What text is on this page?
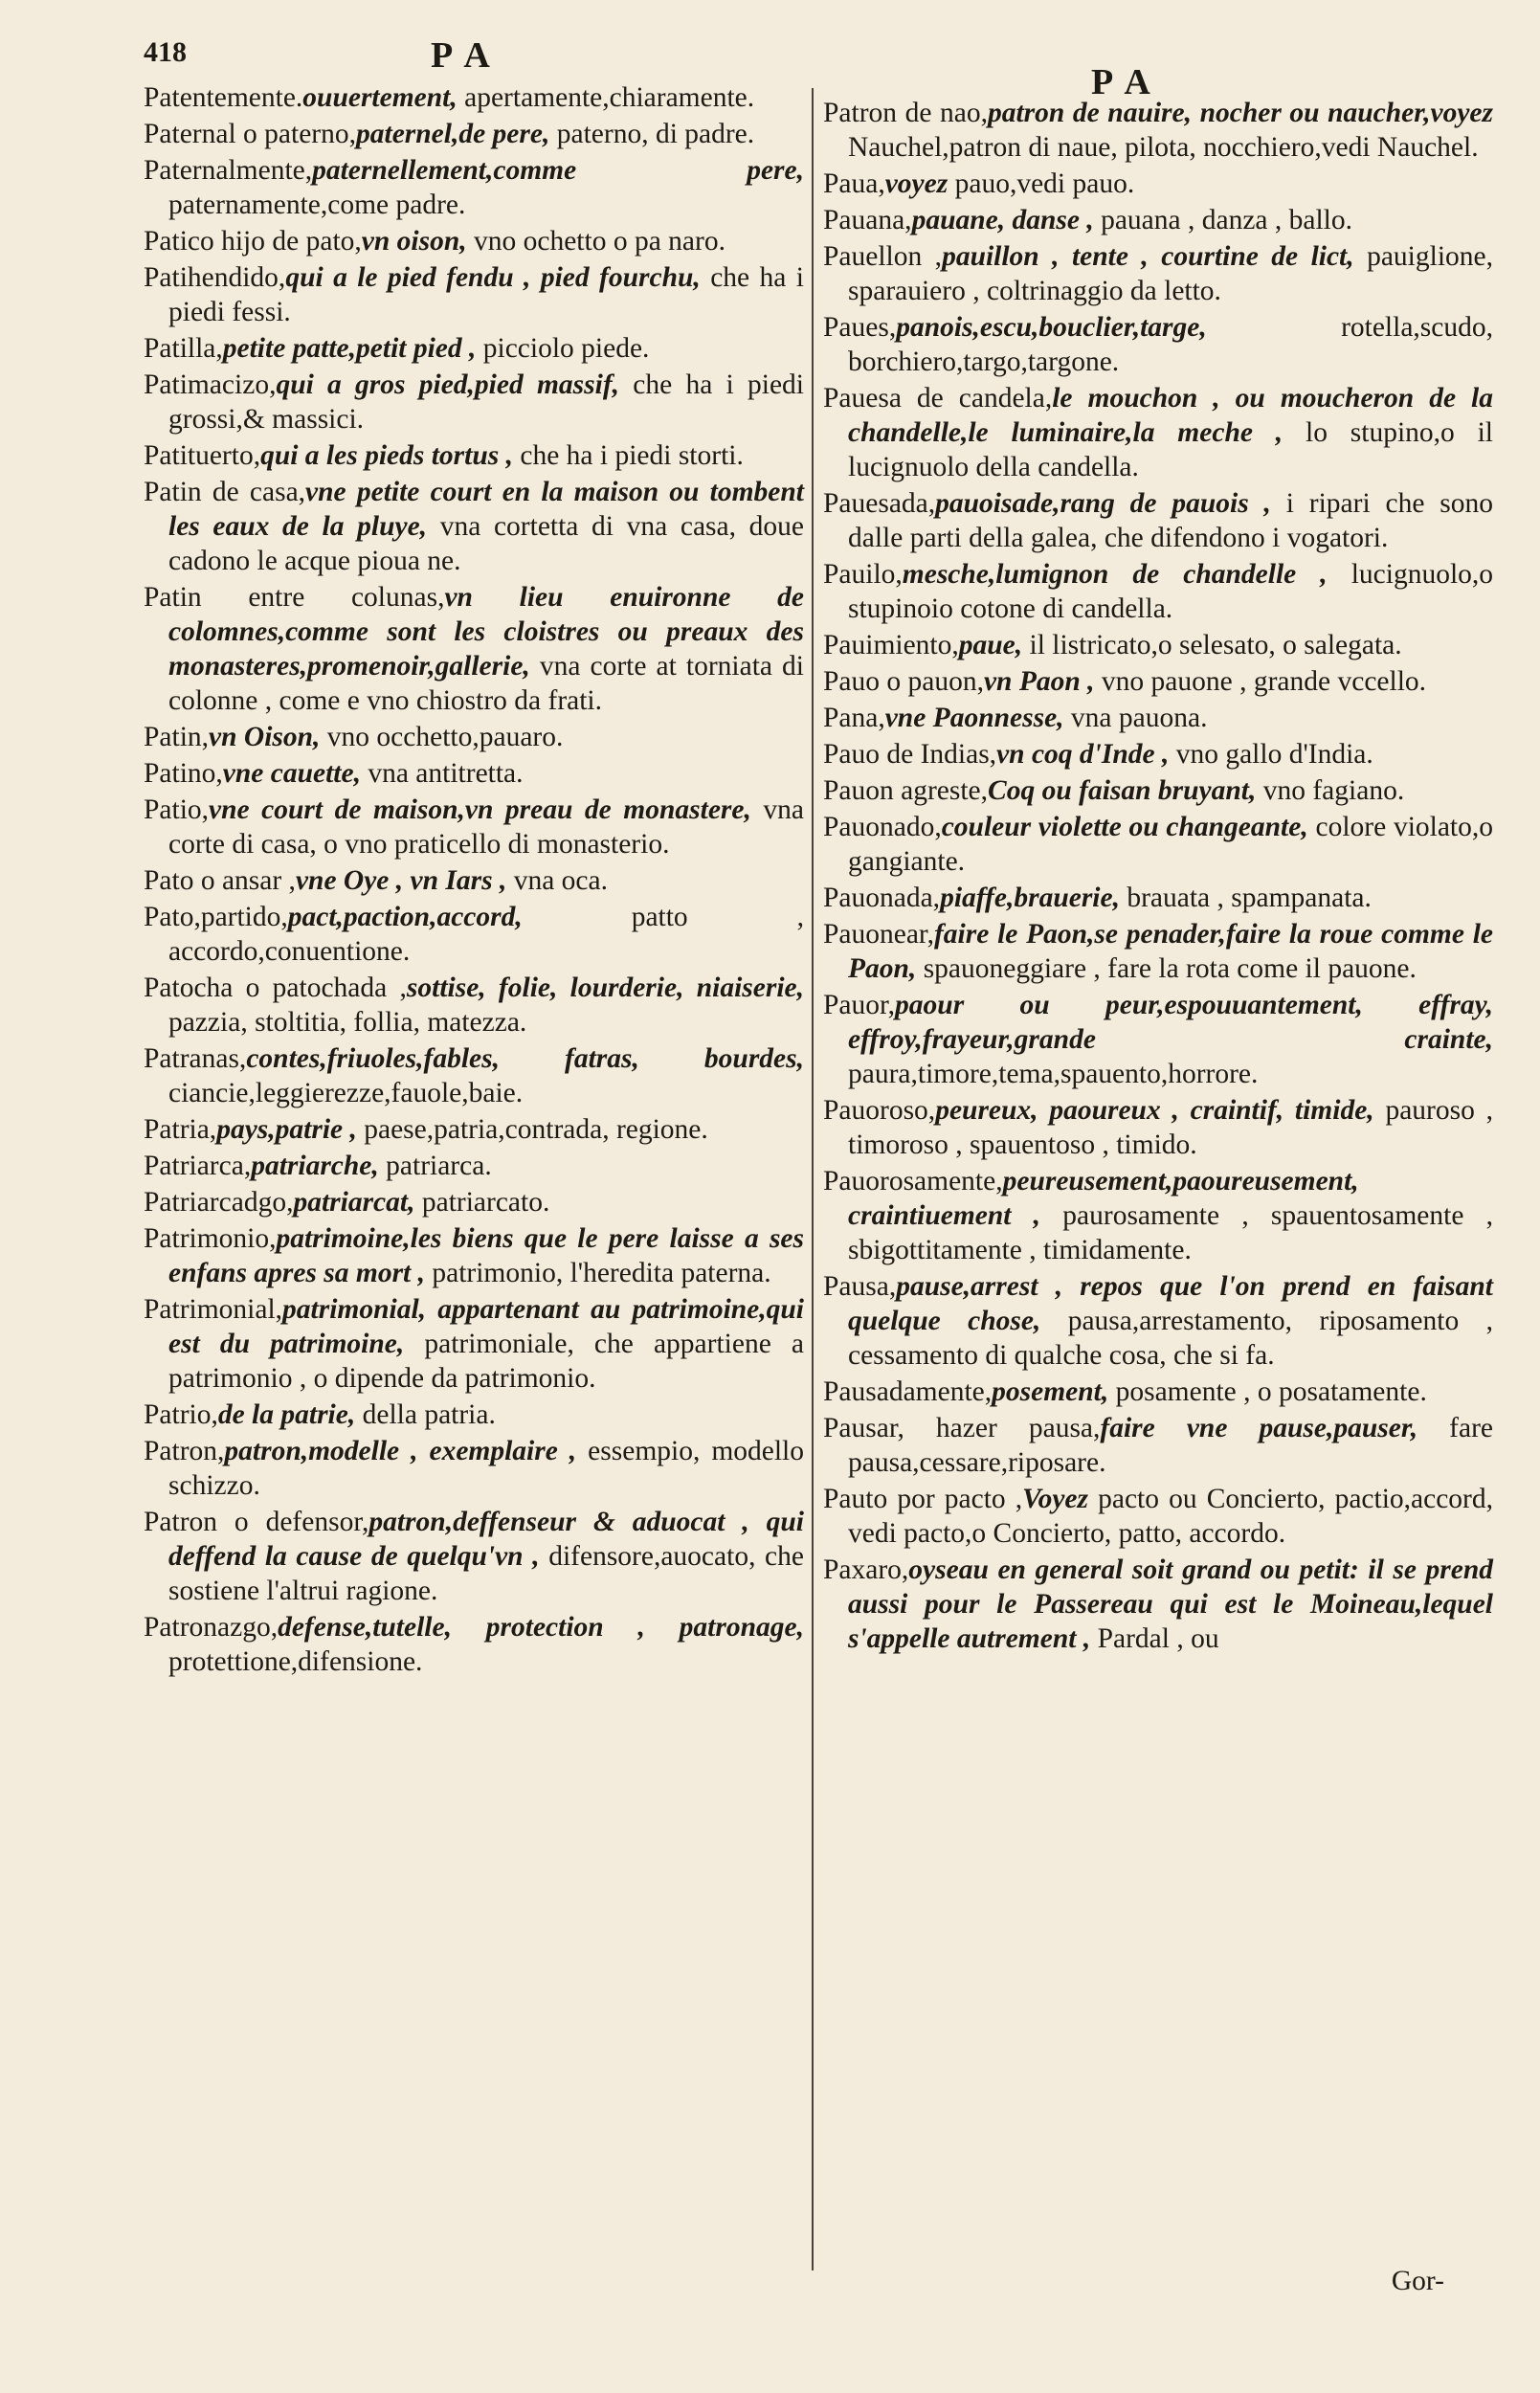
418	PA
PA

Patentemente.ouuertement, apertamente,chiaramente.

Paternal o paterno,paternel,de pere, paterno, di padre.

Paternalmente,paternellement,comme pere, paternamente,come padre.

Patico hijo de pato,vn oison, vno ochetto o pa naro.

Patihendido,qui a le pied fendu , pied fourchu, che ha i piedi fessi.

Patilla,petite patte,petit pied , picciolo piede.

Patimacizo,qui a gros pied,pied massif, che ha i piedi grossi,& massici.

Patituerto,qui a les pieds tortus , che ha i piedi storti.

Patin de casa,vne petite court en la maison ou tombent les eaux de la pluye, vna cortetta di vna casa, doue cadono le acque pioua ne.

Patin entre colunas,vn lieu enuironne de colomnes,comme sont les cloistres ou preaux des monasteres,promenoir,gallerie, vna corte at torniata di colonne , come e vno chiostro da frati.

Patin,vn Oison, vno occhetto,pauaro.

Patino,vne cauette, vna antitretta.

Patio,vne court de maison,vn preau de monastere, vna corte di casa, o vno praticello di monasterio.

Pato o ansar ,vne Oye , vn Iars , vna oca.

Pato,partido,pact,paction,accord,	patto , accordo,conuentione.

Patocha o patochada ,sottise, folie, lourderie, niaiserie, pazzia, stoltitia, follia, matezza.

Patranas,contes,friuoles,fables, fatras, bourdes, ciancie,leggierezze,fauole,baie.

Patria,pays,patrie , paese,patria,contrada, regione.

Patriarca,patriarche, patriarca.

Patriarcadgo,patriarcat, patriarcato.

Patrimonio,patrimoine,les biens que le pere laisse a ses enfans apres sa mort , patrimonio, l'heredita paterna.

Patrimonial,patrimonial, appartenant au patrimoine,qui est du patrimoine, patrimoniale, che appartiene a patrimonio , o dipende da patrimonio.

Patrio,de la patrie, della patria.

Patron,patron,modelle , exemplaire , essempio, modello schizzo.

Patron o defensor,patron,deffenseur & aduocat , qui deffend la cause de quelqu'vn , difensore,auocato, che sostiene l'altrui ragione.

Patronazgo,defense,tutelle, protection , patronage, protettione,difensione.

Patron de nao,patron de nauire, nocher ou naucher,voyez Nauchel,patron di naue, pilota, nocchiero,vedi Nauchel.

Paua,voyez pauo,vedi pauo.

Pauana,pauane, danse , pauana , danza , ballo.

Pauellon ,pauillon , tente , courtine de lict, pauiglione, sparauiero , coltrinaggio da letto.

Paues,panois,escu,bouclier,targe,	rotella,scudo, borchiero,targo,targone.

Pauesa de candela,le mouchon , ou moucheron de la chandelle,le luminaire,la meche , lo stupino,o il lucignuolo della candella.

Pauesada,pauoisade,rang de pauois , i ripari che sono dalle parti della galea, che difendono i vogatori.

Pauilo,mesche,lumignon de chandelle , lucignuolo,o stupinoio cotone di candella.

Pauimiento,paue, il listricato,o selesato, o salegata.

Pauo o pauon,vn Paon , vno pauone , grande vccello.

Pana,vne Paonnesse, vna pauona.

Pauo de Indias,vn coq d'Inde , vno gallo d'India.

Pauon agreste,Coq ou faisan bruyant, vno fagiano.

Pauonado,couleur violette ou changeante, colore violato,o gangiante.

Pauonada,piaffe,brauerie, brauata , spampanata.

Pauonear,faire le Paon,se penader,faire la roue comme le Paon, spauoneggiare , fare la rota come il pauone.

Pauor,paour ou peur,espouuantement, effray, effroy,frayeur,grande crainte, paura,timore,tema,spauento,horrore.

Pauoroso,peureux, paoureux , craintif, timide, pauroso , timoroso , spauentoso , timido.

Pauorosamente,peureusement,paoureusement, craintiuement , paurosamente , spauentosamente , sbigottitamente , timidamente.

Pausa,pause,arrest , repos que l'on prend en faisant quelque chose, pausa,arrestamento, riposamento , cessamento di qualche cosa, che si fa.

Pausadamente,posement, posamente , o posatamente.

Pausar, hazer pausa,faire vne pause,pauser, fare pausa,cessare,riposare.

Pauto por pacto ,Voyez pacto ou Concierto, pactio,accord, vedi pacto,o Concierto, patto, accordo.

Paxaro,oyseau en general soit grand ou petit: il se prend aussi pour le Passereau qui est le Moineau,lequel s'appelle autrement , Pardal , ou

Gor-
